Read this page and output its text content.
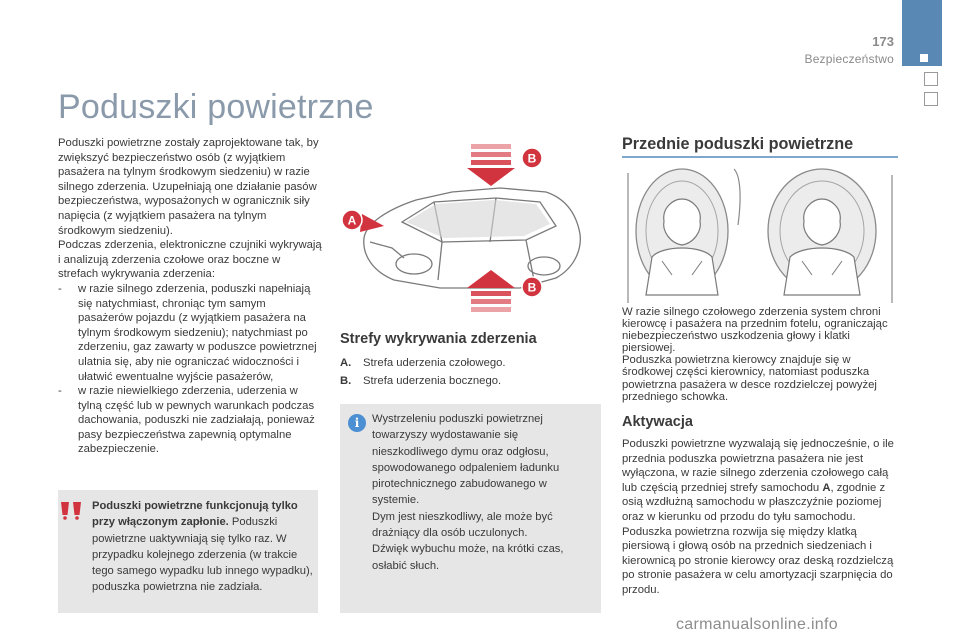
173
Bezpieczeństwo
Poduszki powietrzne

Poduszki powietrzne zostały zaprojektowane tak, by zwiększyć bezpieczeństwo osób (z wyjątkiem pasażera na tylnym środkowym siedzeniu) w razie silnego zderzenia. Uzupełniają one działanie pasów bezpieczeństwa, wyposażonych w ogranicznik siły napięcia (z wyjątkiem pasażera na tylnym środkowym siedzeniu).

Podczas zderzenia, elektroniczne czujniki wykrywają i analizują zderzenia czołowe oraz boczne w strefach wykrywania zderzenia:

-	w razie silnego zderzenia, poduszki napełniają się natychmiast, chroniąc tym samym pasażerów pojazdu (z wyjątkiem pasażera na tylnym środkowym siedzeniu); natychmiast po zderzeniu, gaz zawarty w poduszce powietrznej ulatnia się, aby nie ograniczać widoczności i ułatwić ewentualne wyjście pasażerów,
-	w razie niewielkiego zderzenia, uderzenia w tylną część lub w pewnych warunkach podczas dachowania, poduszki nie zadziałają, ponieważ pasy bezpieczeństwa zapewnią optymalne zabezpieczenie.
Poduszki powietrzne funkcjonują tylko przy włączonym zapłonie. Poduszki powietrzne uaktywniają się tylko raz. W przypadku kolejnego zderzenia (w trakcie tego samego wypadku lub innego wypadku), poduszka powietrzna nie zadziała.
A
B
B
Strefy wykrywania zderzenia
A. Strefa uderzenia czołowego.
B. Strefa uderzenia bocznego.
i	Wystrzeleniu poduszki powietrznej towarzyszy wydostawanie się nieszkodliwego dymu oraz odgłosu, spowodowanego odpaleniem ładunku pirotechnicznego zabudowanego w systemie.

Dym jest nieszkodliwy, ale może być drażniący dla osób uczulonych.

Dźwięk wybuchu może, na krótki czas, osłabić słuch.

Przednie poduszki powietrzne

W razie silnego czołowego zderzenia system chroni kierowcę i pasażera na przednim fotelu, ograniczając niebezpieczeństwo uszkodzenia głowy i klatki piersiowej.

Poduszka powietrzna kierowcy znajduje się w środkowej części kierownicy, natomiast poduszka powietrzna pasażera w desce rozdzielczej powyżej przedniego schowka.

Aktywacja

Poduszki powietrzne wyzwalają się jednocześnie, o ile przednia poduszka powietrzna pasażera nie jest wyłączona, w razie silnego zderzenia czołowego całą lub częścią przedniej strefy samochodu A, zgodnie z osią wzdłużną samochodu w płaszczyźnie poziomej oraz w kierunku od przodu do tyłu samochodu.

Poduszka powietrzna rozwija się między klatką piersiową i głową osób na przednich siedzeniach i kierownicą po stronie kierowcy oraz deską rozdzielczą po stronie pasażera w celu amortyzacji szarpnięcia do przodu.

carmanualsonline.info
